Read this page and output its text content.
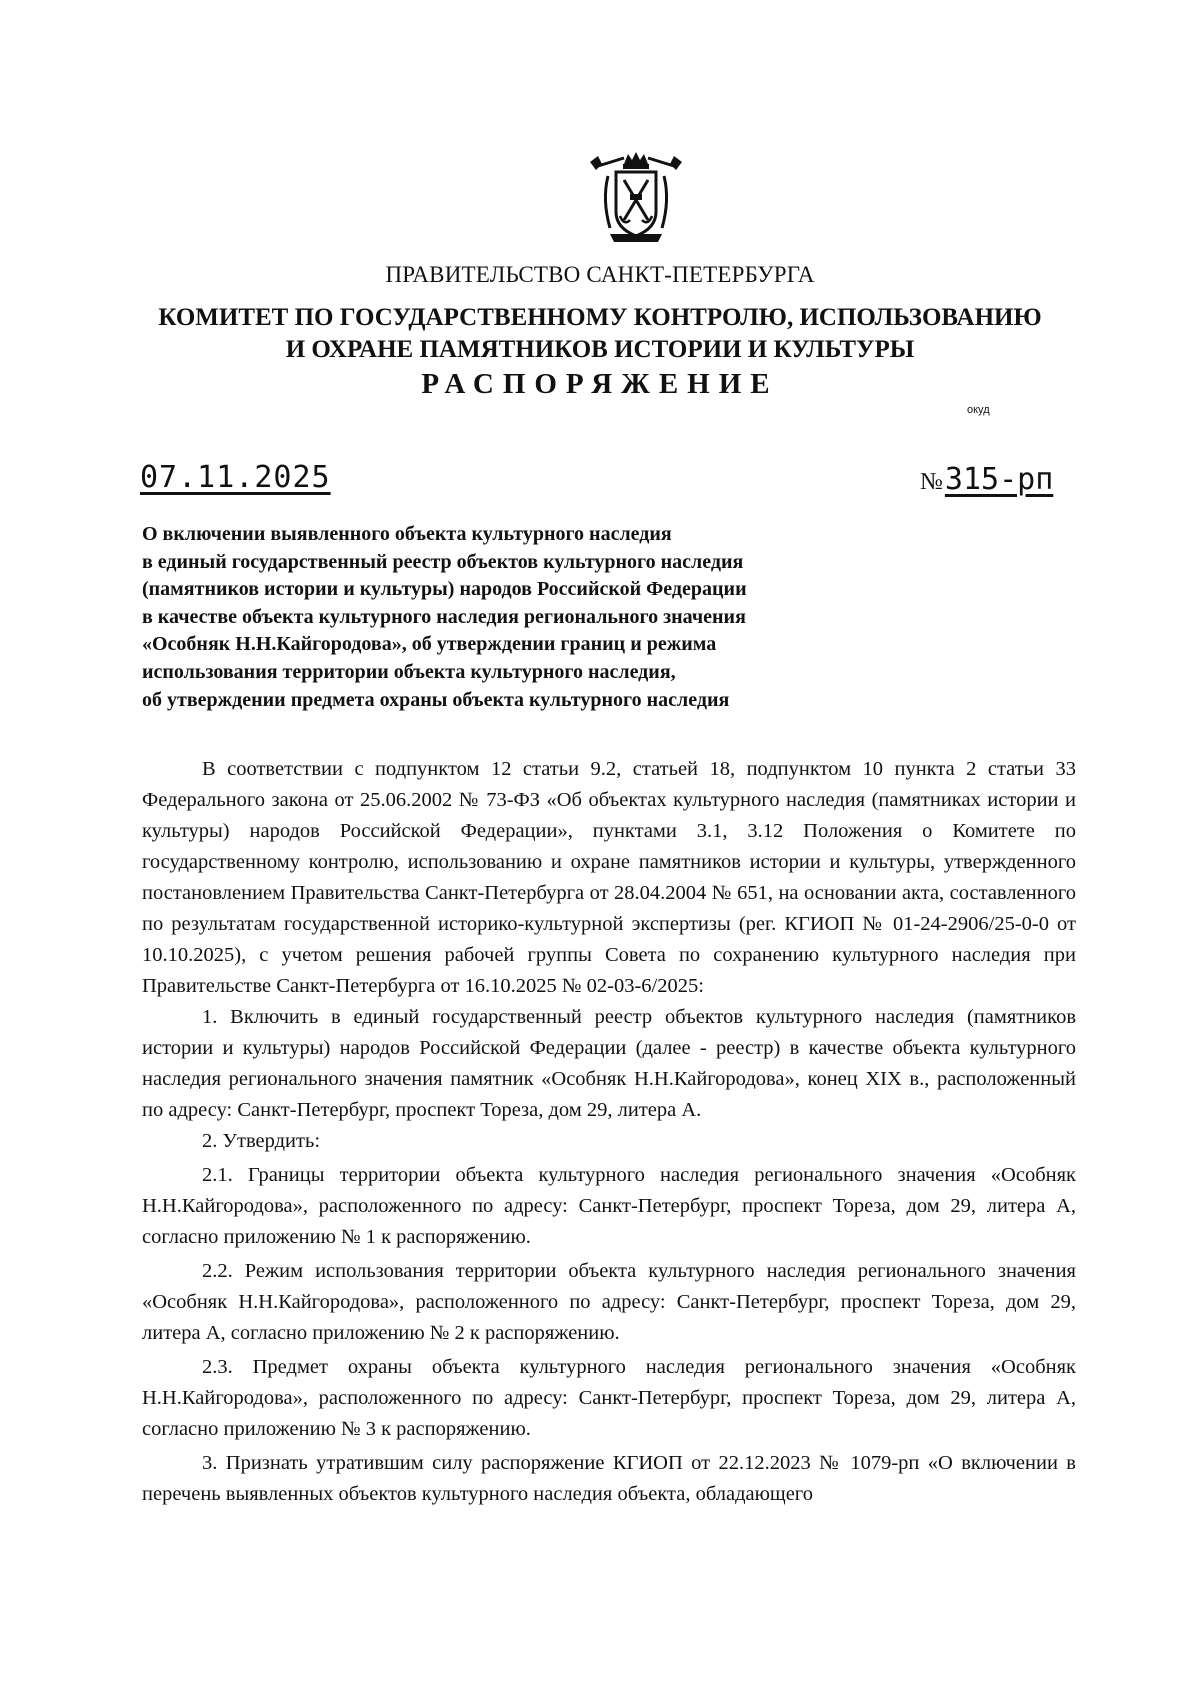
ПРАВИТЕЛЬСТВО САНКТ-ПЕТЕРБУРГА
КОМИТЕТ ПО ГОСУДАРСТВЕННОМУ КОНТРОЛЮ, ИСПОЛЬЗОВАНИЮ
И ОХРАНЕ ПАМЯТНИКОВ ИСТОРИИ И КУЛЬТУРЫ
РАСПОРЯЖЕНИЕ
окуд
07.11.2025	№315-рп
О включении выявленного объекта культурного наследия
в единый государственный реестр объектов культурного наследия
(памятников истории и культуры) народов Российской Федерации
в качестве объекта культурного наследия регионального значения
«Особняк Н.Н.Кайгородова», об утверждении границ и режима
использования территории объекта культурного наследия,
об утверждении предмета охраны объекта культурного наследия

В соответствии с подпунктом 12 статьи 9.2, статьей 18, подпунктом 10 пункта 2 статьи 33 Федерального закона от 25.06.2002 № 73-ФЗ «Об объектах культурного наследия (памятниках истории и культуры) народов Российской Федерации», пунктами 3.1, 3.12 Положения о Комитете по государственному контролю, использованию и охране памятников истории и культуры, утвержденного постановлением Правительства Санкт-Петербурга от 28.04.2004 № 651, на основании акта, составленного по результатам государственной историко-культурной экспертизы (рег. КГИОП № 01-24-2906/25-0-0 от 10.10.2025), с учетом решения рабочей группы Совета по сохранению культурного наследия при Правительстве Санкт-Петербурга от 16.10.2025 № 02-03-6/2025:

1. Включить в единый государственный реестр объектов культурного наследия (памятников истории и культуры) народов Российской Федерации (далее - реестр) в качестве объекта культурного наследия регионального значения памятник «Особняк Н.Н.Кайгородова», конец XIX в., расположенный по адресу: Санкт-Петербург, проспект Тореза, дом 29, литера А.

2. Утвердить:

2.1. Границы территории объекта культурного наследия регионального значения «Особняк Н.Н.Кайгородова», расположенного по адресу: Санкт-Петербург, проспект Тореза, дом 29, литера А, согласно приложению № 1 к распоряжению.

2.2. Режим использования территории объекта культурного наследия регионального значения «Особняк Н.Н.Кайгородова», расположенного по адресу: Санкт-Петербург, проспект Тореза, дом 29, литера А, согласно приложению № 2 к распоряжению.

2.3. Предмет охраны объекта культурного наследия регионального значения «Особняк Н.Н.Кайгородова», расположенного по адресу: Санкт-Петербург, проспект Тореза, дом 29, литера А, согласно приложению № 3 к распоряжению.

3. Признать утратившим силу распоряжение КГИОП от 22.12.2023 № 1079-рп «О включении в перечень выявленных объектов культурного наследия объекта, обладающего
